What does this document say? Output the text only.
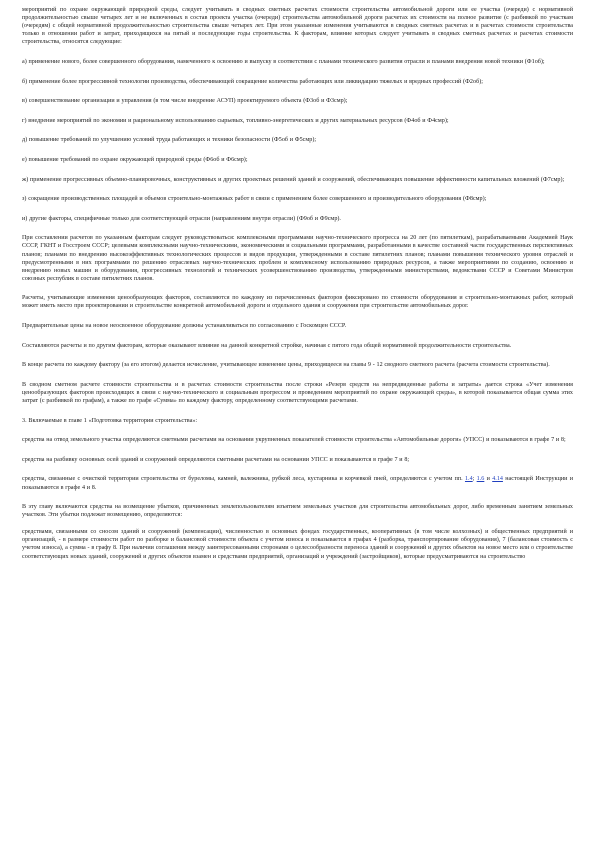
мероприятий по охране окружающей природной среды, следует учитывать в сводных сметных расчетах стоимости строительства автомобильной дороги или ее участка (очереди) с нормативной продолжительностью свыше четырех лет и не включенных в состав проекта участка (очереди) строительства автомобильной дороги расчетах их стоимости на полное развитие (с разбивкой по участкам (очередям) с общей нормативной продолжительностью строительства свыше четырех лет. При этом указанные изменения учитываются в сводных сметных расчетах и в расчетах стоимости строительства только в отношении работ и затрат, приходящихся на пятый и последующие годы строительства. К факторам, влияние которых следует учитывать в сводных сметных расчетах и расчетах стоимости строительства, относятся следующие:

а) применение нового, более совершенного оборудования, намеченного к освоению и выпуску в соответствии с планами технического развития отрасли и планами внедрения новой техники (Ф1об);

б) применение более прогрессивной технологии производства, обеспечивающей сокращение количества работающих или ликвидацию тяжелых и вредных профессий (Ф2об);

в) совершенствование организации и управления (в том числе внедрение АСУП) проектируемого объекта (Ф3об и Ф3смр);

г) внедрение мероприятий по экономии и рациональному использованию сырьевых, топливно-энергетических и других материальных ресурсов (Ф4об и Ф4смр);

д) повышение требований по улучшению условий труда работающих и техники безопасности (Ф5об и Ф5смр);

е) повышение требований по охране окружающей природной среды (Ф6об и Ф6смр);

ж) применение прогрессивных объемно-планировочных, конструктивных и других проектных решений зданий и сооружений, обеспечивающих повышение эффективности капитальных вложений (Ф7смр);

з) сокращение производственных площадей и объемов строительно-монтажных работ в связи с применением более совершенного и производительного оборудования (Ф8смр);

и) другие факторы, специфичные только для соответствующей отрасли (направлениям внутри отрасли) (Ф9об и Ф9смр).

При составлении расчетов по указанным факторам следует руководствоваться: комплексными программами научно-технического прогресса на 20 лет (по пятилеткам), разрабатываемыми Академией Наук СССР, ГКНТ и Госстроем СССР; целевыми комплексными научно-техническими, экономическими и социальными программами, разработанными в качестве составной части государственных перспективных планов; планами по внедрению высокоэффективных технологических процессов и видов продукции, утвержденными в составе пятилетних планов; планами повышения технического уровня отраслей и предусмотренными в них программами по решению отраслевых научно-технических проблем и комплексному использованию природных ресурсов, а также мероприятиями по созданию, освоению и внедрению новых машин и оборудования, прогрессивных технологий и технических усовершенствованию производства, утвержденными министерствами, ведомствами СССР и Советами Министров союзных республик в составе пятилетних планов.

Расчеты, учитывающие изменения ценообразующих факторов, составляются по каждому из перечисленных факторов фиксировано по стоимости оборудования и строительно-монтажных работ, который может иметь место при проектировании и строительстве конкретной автомобильной дороги и отдельного здания и сооружения при строительстве автомобильных дорог.

Предварительные цены на новое неосвоенное оборудование должны устанавливаться по согласованию с Госкомцен СССР.

Составляются расчеты и по другим факторам, которые оказывают влияние на данной конкретной стройке, начиная с пятого года общей нормативной продолжительности строительства.

В конце расчета по каждому фактору (за его итогом) делается исчисление, учитывающее изменение цены, приходящееся на главы 9 - 12 сводного сметного расчета (расчета стоимости строительства).

В сводном сметном расчете стоимости строительства и в расчетах стоимости строительства после строки «Резерв средств на непредвиденные работы и затраты» дается строка «Учет изменения ценообразующих факторов происходящих в связи с научно-технического и социальным прогрессом и проведением мероприятий по охране окружающей среды», в которой показывается общая сумма этих затрат (с разбивкой по графам), а также по графе «Сумма» по каждому фактору, определенному соответствующими расчетами.

3. Включаемые в главе 1 «Подготовка территории строительства»:

средства на отвод земельного участка определяются сметными расчетами на основании укрупненных показателей стоимости строительства «Автомобильные дороги» (УПСС) и показываются в графе 7 и 8;

средства на разбивку основных осей зданий и сооружений определяются сметными расчетами на основании УПСС и показываются в графе 7 и 8;

средства, связанные с очисткой территории строительства от буреломы, камней, валежника, рубкой леса, кустарника и корчевкой пней, определяются с учетом пп. 1.4; 1.6 и 4.14 настоящей Инструкции и показываются в графе 4 и 8.

В эту главу включаются средства на возмещение убытков, причиненных землепользователям изъятием земельных участков для строительства автомобильных дорог, либо временным занятием земельных участков. Эти убытки подлежат возмещению, определяются:

средствами, связанными со сносом зданий и сооружений (компенсации), численностью в основных фондах государственных, кооперативных (в том числе колхозных) и общественных предприятий и организаций, - в размере стоимости работ по разборке и балансовой стоимости объекта с учетом износа и показывается в графах 4 (разборка, транспортирование оборудования), 7 (балансовая стоимость с учетом износа), а сумма - в графу 8. При наличии соглашения между заинтересованными сторонами о целесообразности переноса зданий и сооружений и других объектов на новое место или о строительстве соответствующих новых зданий, сооружений и других объектов взамен и средствами предприятий, организаций и учреждений (застройщиков), которые предусматриваются на строительство
